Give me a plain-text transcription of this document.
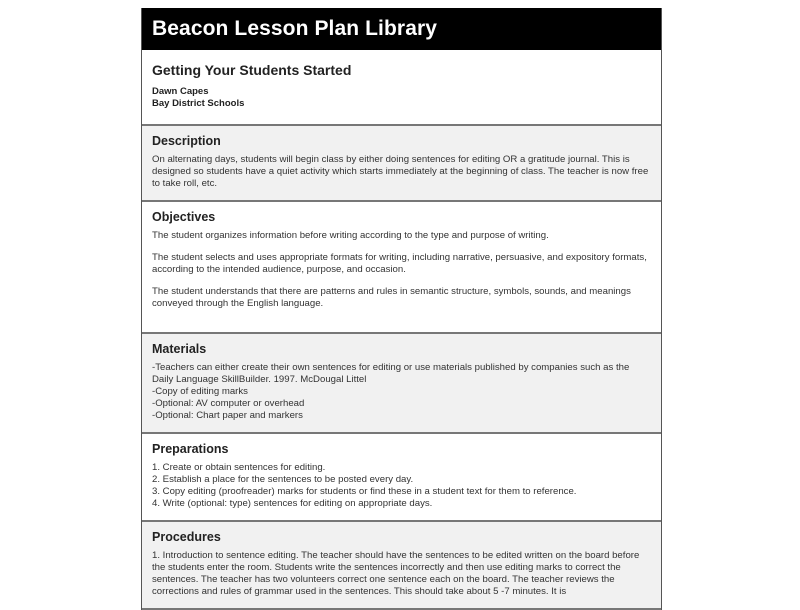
Beacon Lesson Plan Library
Getting Your Students Started
Dawn Capes
Bay District Schools
Description

On alternating days, students will begin class by either doing sentences for editing OR a gratitude journal. This is designed so students have a quiet activity which starts immediately at the beginning of class. The teacher is now free to take roll, etc.

Objectives

The student organizes information before writing according to the type and purpose of writing.

The student selects and uses appropriate formats for writing, including narrative, persuasive, and expository formats, according to the intended audience, purpose, and occasion.

The student understands that there are patterns and rules in semantic structure, symbols, sounds, and meanings conveyed through the English language.

Materials
-Teachers can either create their own sentences for editing or use materials published by companies such as the Daily Language SkillBuilder. 1997. McDougal Littel
-Copy of editing marks
-Optional: AV computer or overhead
-Optional: Chart paper and markers
Preparations
1. Create or obtain sentences for editing.
2. Establish a place for the sentences to be posted every day.
3. Copy editing (proofreader) marks for students or find these in a student text for them to reference.
4. Write (optional: type) sentences for editing on appropriate days.
Procedures

1. Introduction to sentence editing. The teacher should have the sentences to be edited written on the board before the students enter the room. Students write the sentences incorrectly and then use editing marks to correct the sentences. The teacher has two volunteers correct one sentence each on the board. The teacher reviews the corrections and rules of grammar used in the sentences. This should take about 5 -7 minutes. It is
